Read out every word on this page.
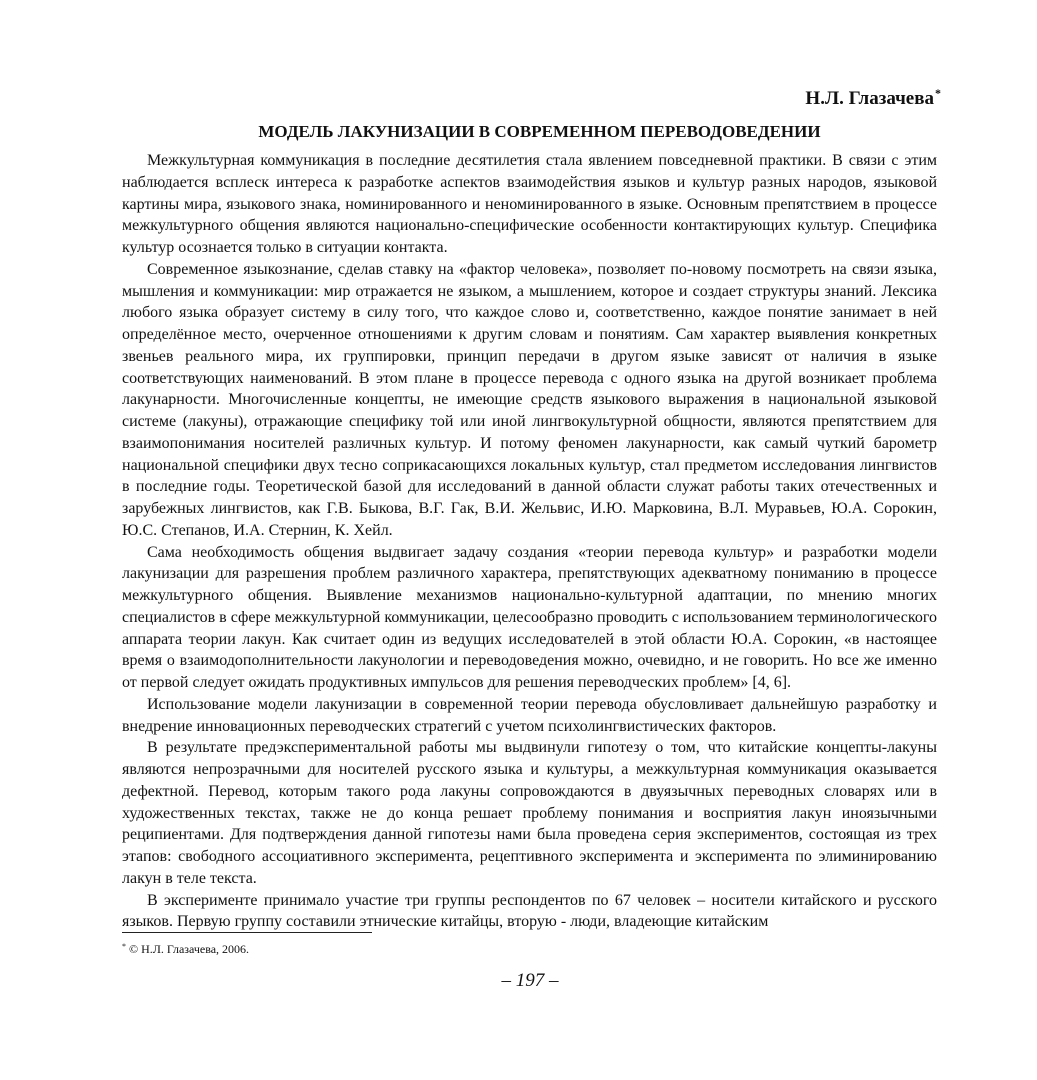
Н.Л. Глазачева*
МОДЕЛЬ ЛАКУНИЗАЦИИ В СОВРЕМЕННОМ ПЕРЕВОДОВЕДЕНИИ

Межкультурная коммуникация в последние десятилетия стала явлением повседневной практики. В связи с этим наблюдается всплеск интереса к разработке аспектов взаимодействия языков и культур разных народов, языковой картины мира, языкового знака, номинированного и неноминированного в языке. Основным препятствием в процессе межкультурного общения являются национально-специфические особенности контактирующих культур. Специфика культур осознается только в ситуации контакта.

Современное языкознание, сделав ставку на «фактор человека», позволяет по-новому посмотреть на связи языка, мышления и коммуникации: мир отражается не языком, а мышлением, которое и создает структуры знаний. Лексика любого языка образует систему в силу того, что каждое слово и, соответственно, каждое понятие занимает в ней определённое место, очерченное отношениями к другим словам и понятиям. Сам характер выявления конкретных звеньев реального мира, их группировки, принцип передачи в другом языке зависят от наличия в языке соответствующих наименований. В этом плане в процессе перевода с одного языка на другой возникает проблема лакунарности. Многочисленные концепты, не имеющие средств языкового выражения в национальной языковой системе (лакуны), отражающие специфику той или иной лингвокультурной общности, являются препятствием для взаимопонимания носителей различных культур. И потому феномен лакунарности, как самый чуткий барометр национальной специфики двух тесно соприкасающихся локальных культур, стал предметом исследования лингвистов в последние годы. Теоретической базой для исследований в данной области служат работы таких отечественных и зарубежных лингвистов, как Г.В. Быкова, В.Г. Гак, В.И. Жельвис, И.Ю. Марковина, В.Л. Муравьев, Ю.А. Сорокин, Ю.С. Степанов, И.А. Стернин, К. Хейл.

Сама необходимость общения выдвигает задачу создания «теории перевода культур» и разработки модели лакунизации для разрешения проблем различного характера, препятствующих адекватному пониманию в процессе межкультурного общения. Выявление механизмов национально-культурной адаптации, по мнению многих специалистов в сфере межкультурной коммуникации, целесообразно проводить с использованием терминологического аппарата теории лакун. Как считает один из ведущих исследователей в этой области Ю.А. Сорокин, «в настоящее время о взаимодополнительности лакунологии и переводоведения можно, очевидно, и не говорить. Но все же именно от первой следует ожидать продуктивных импульсов для решения переводческих проблем» [4, 6].

Использование модели лакунизации в современной теории перевода обусловливает дальнейшую разработку и внедрение инновационных переводческих стратегий с учетом психолингвистических факторов.

В результате предэкспериментальной работы мы выдвинули гипотезу о том, что китайские концепты-лакуны являются непрозрачными для носителей русского языка и культуры, а межкультурная коммуникация оказывается дефектной. Перевод, которым такого рода лакуны сопровождаются в двуязычных переводных словарях или в художественных текстах, также не до конца решает проблему понимания и восприятия лакун иноязычными реципиентами. Для подтверждения данной гипотезы нами была проведена серия экспериментов, состоящая из трех этапов: свободного ассоциативного эксперимента, рецептивного эксперимента и эксперимента по элиминированию лакун в теле текста.

В эксперименте принимало участие три группы респондентов по 67 человек – носители китайского и русского языков. Первую группу составили этнические китайцы, вторую - люди, владеющие китайским

* © Н.Л. Глазачева, 2006.
– 197 –
